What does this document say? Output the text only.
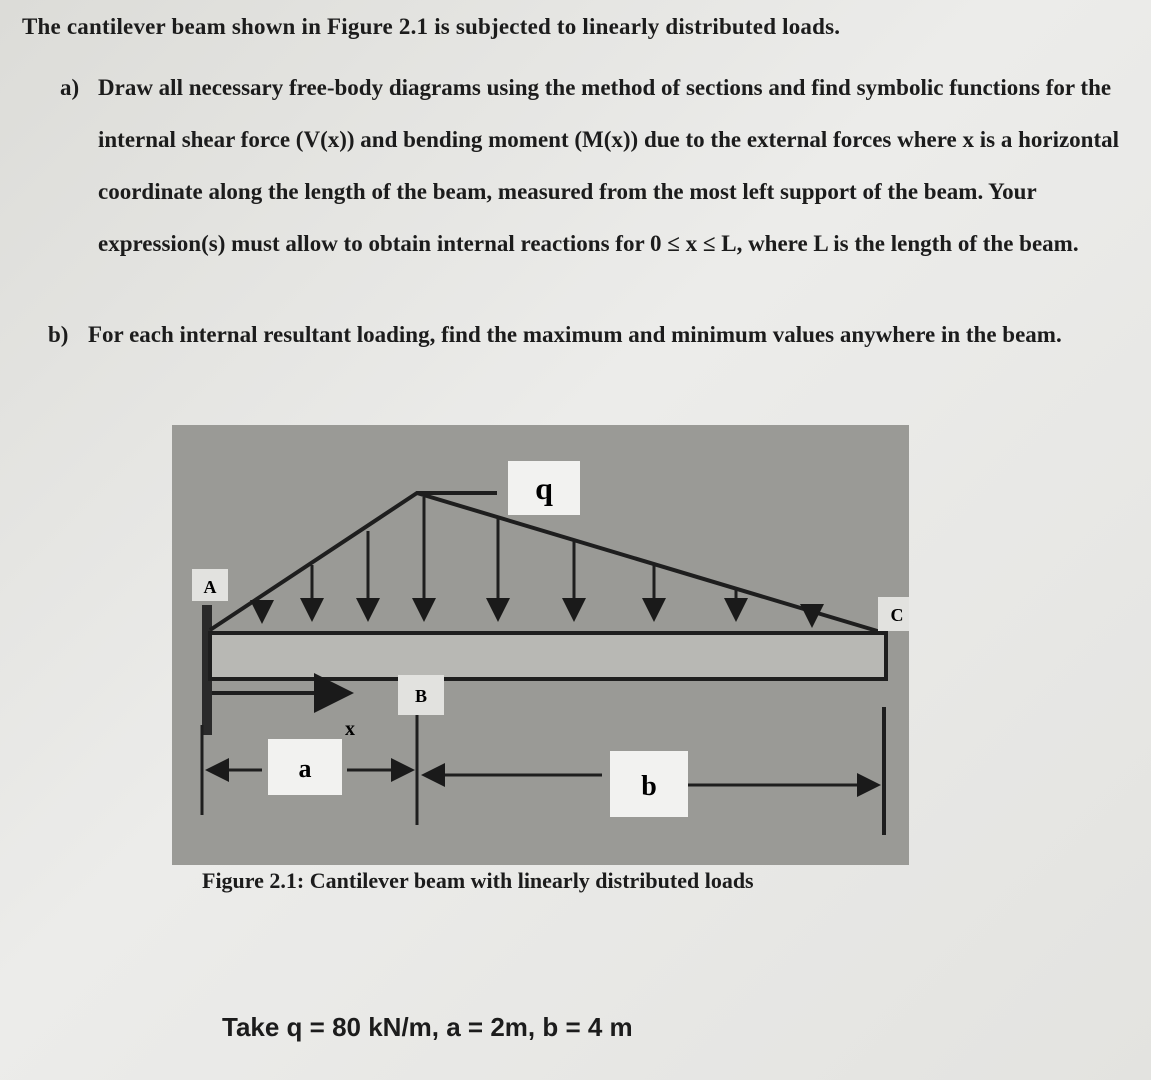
The cantilever beam shown in Figure 2.1 is subjected to linearly distributed loads.
a) Draw all necessary free-body diagrams using the method of sections and find symbolic functions for the internal shear force (V(x)) and bending moment (M(x)) due to the external forces where x is a horizontal coordinate along the length of the beam, measured from the most left support of the beam. Your expression(s) must allow to obtain internal reactions for 0 ≤ x ≤ L, where L is the length of the beam.
b) For each internal resultant loading, find the maximum and minimum values anywhere in the beam.
q
A
C
B
x
a
b
Figure 2.1: Cantilever beam with linearly distributed loads
Take q = 80 kN/m, a = 2m, b = 4 m
